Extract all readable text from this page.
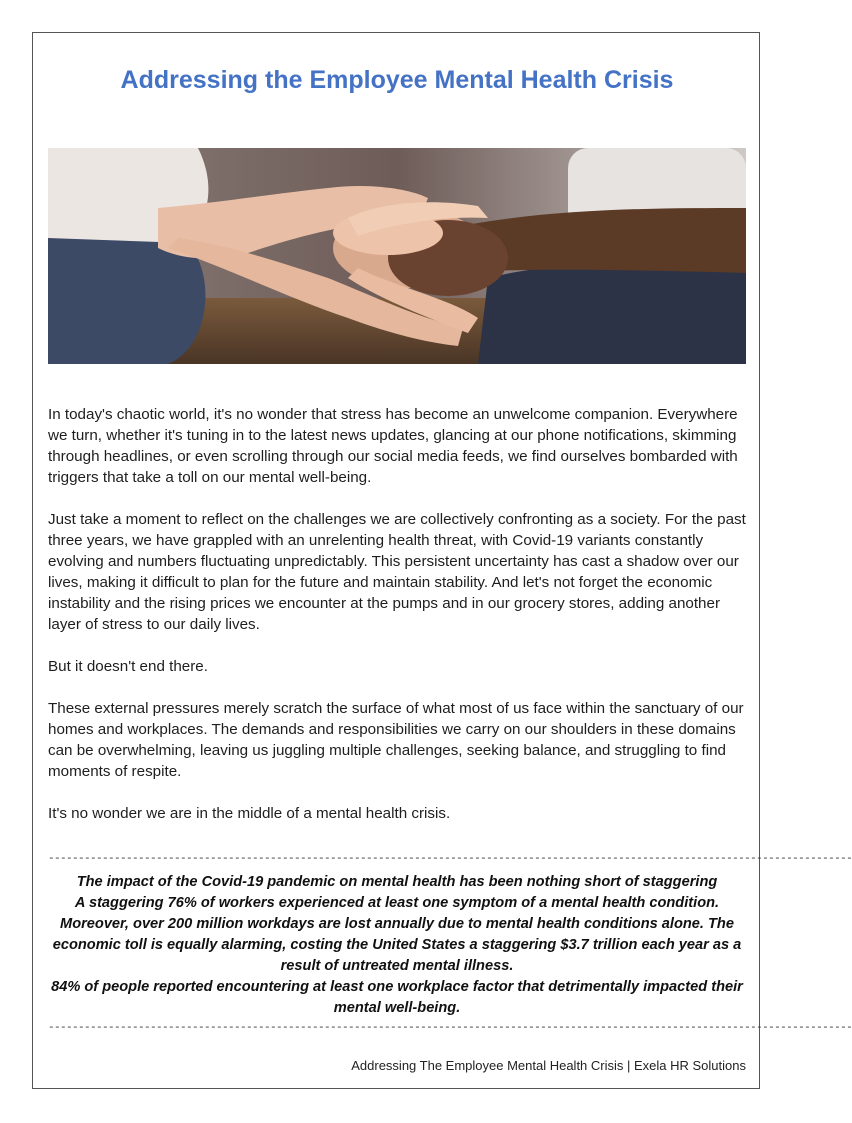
Addressing the Employee Mental Health Crisis

In today's chaotic world, it's no wonder that stress has become an unwelcome companion. Everywhere we turn, whether it's tuning in to the latest news updates, glancing at our phone notifications, skimming through headlines, or even scrolling through our social media feeds, we find ourselves bombarded with triggers that take a toll on our mental well-being.

Just take a moment to reflect on the challenges we are collectively confronting as a society. For the past three years, we have grappled with an unrelenting health threat, with Covid-19 variants constantly evolving and numbers fluctuating unpredictably. This persistent uncertainty has cast a shadow over our lives, making it difficult to plan for the future and maintain stability. And let's not forget the economic instability and the rising prices we encounter at the pumps and in our grocery stores, adding another layer of stress to our daily lives.

But it doesn't end there.

These external pressures merely scratch the surface of what most of us face within the sanctuary of our homes and workplaces. The demands and responsibilities we carry on our shoulders in these domains can be overwhelming, leaving us juggling multiple challenges, seeking balance, and struggling to find moments of respite.

It's no wonder we are in the middle of a mental health crisis.

--------------------------------------------------------------------------------------------------------------------------------------

The impact of the Covid-19 pandemic on mental health has been nothing short of staggering

A staggering 76% of workers experienced at least one symptom of a mental health condition. Moreover, over 200 million workdays are lost annually due to mental health conditions alone. The economic toll is equally alarming, costing the United States a staggering $3.7 trillion each year as a result of untreated mental illness.

84% of people reported encountering at least one workplace factor that detrimentally impacted their mental well-being.

--------------------------------------------------------------------------------------------------------------------------------------
Addressing The Employee Mental Health Crisis | Exela HR Solutions
